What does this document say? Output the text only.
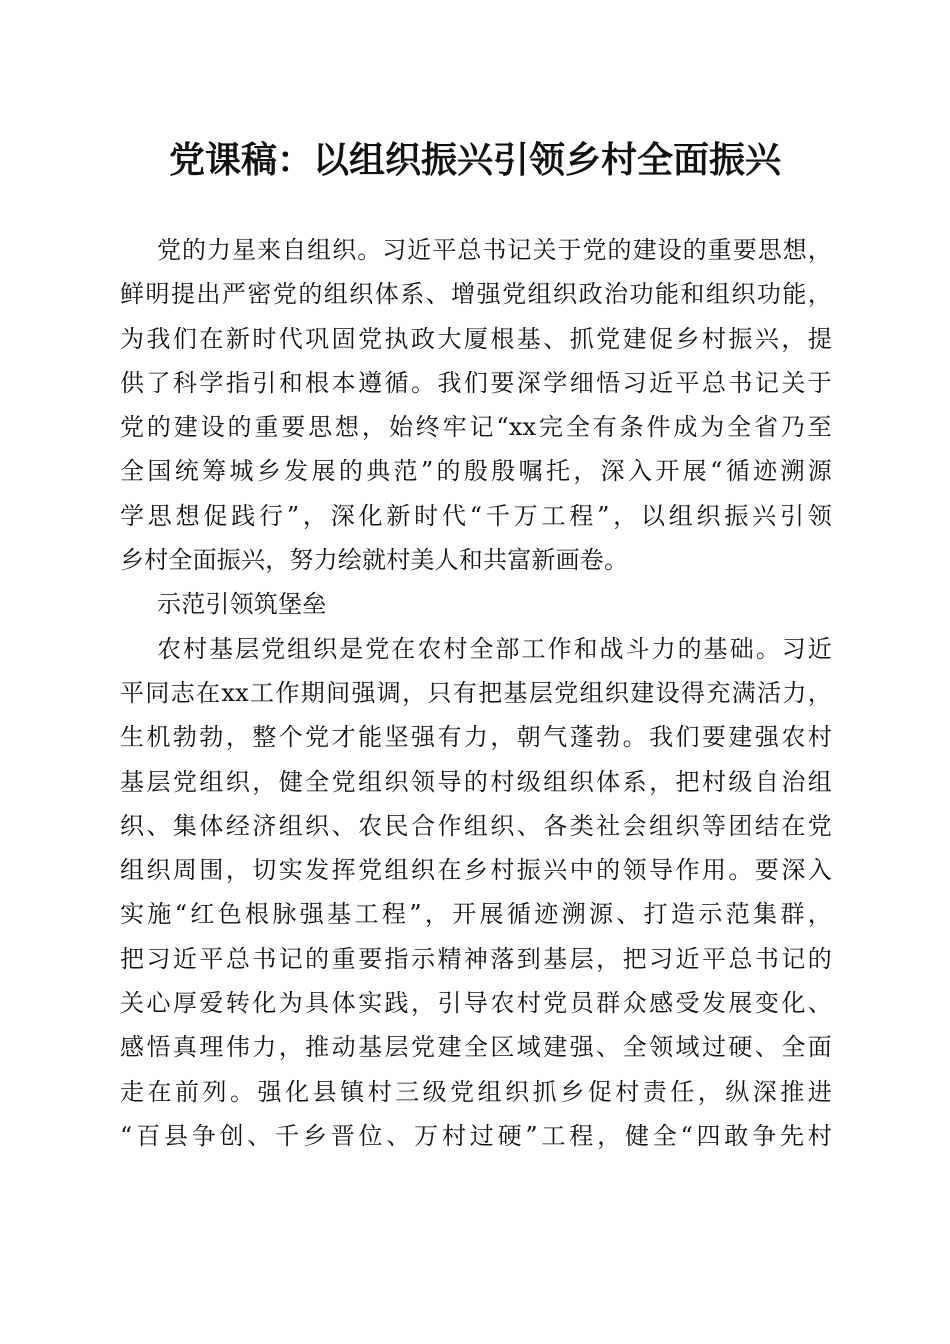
党课稿：以组织振兴引领乡村全面振兴
党的力星来自组织。习近平总书记关于党的建设的重要思想，
鲜明提出严密党的组织体系、增强党组织政治功能和组织功能，
为我们在新时代巩固党执政大厦根基、抓党建促乡村振兴，提
供了科学指引和根本遵循。我们要深学细悟习近平总书记关于
党的建设的重要思想，始终牢记“xx完全有条件成为全省乃至
全国统筹城乡发展的典范”的殷殷嘱托，深入开展“循迹溯源
学思想促践行”，深化新时代“千万工程”，以组织振兴引领
乡村全面振兴，努力绘就村美人和共富新画卷。
示范引领筑堡垒
农村基层党组织是党在农村全部工作和战斗力的基础。习近
平同志在xx工作期间强调，只有把基层党组织建设得充满活力，
生机勃勃，整个党才能坚强有力，朝气蓬勃。我们要建强农村
基层党组织，健全党组织领导的村级组织体系，把村级自治组
织、集体经济组织、农民合作组织、各类社会组织等团结在党
组织周围，切实发挥党组织在乡村振兴中的领导作用。要深入
实施“红色根脉强基工程”，开展循迹溯源、打造示范集群，
把习近平总书记的重要指示精神落到基层，把习近平总书记的
关心厚爱转化为具体实践，引导农村党员群众感受发展变化、
感悟真理伟力，推动基层党建全区域建强、全领域过硬、全面
走在前列。强化县镇村三级党组织抓乡促村责任，纵深推进
“百县争创、千乡晋位、万村过硬”工程，健全“四敢争先村
